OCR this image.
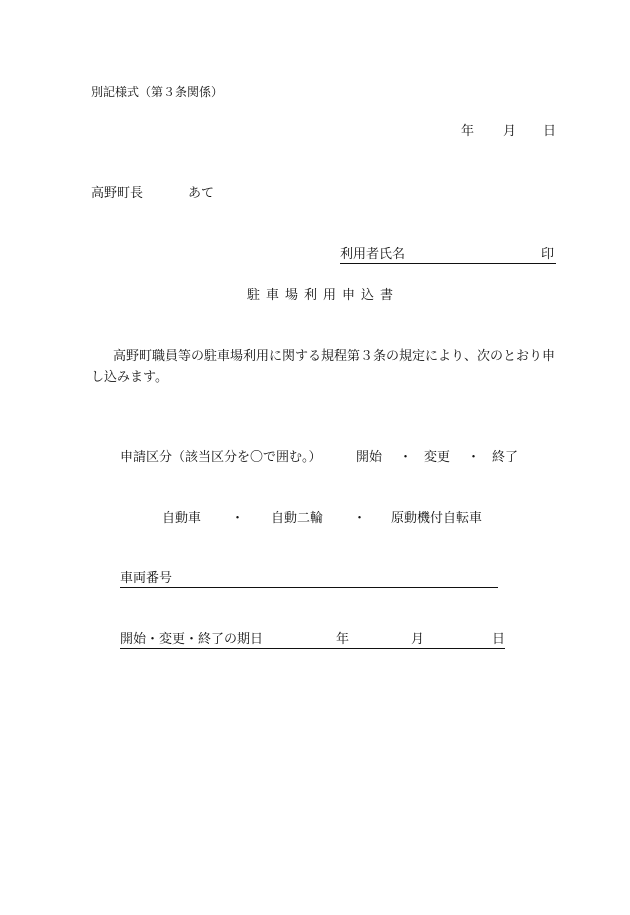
別記様式（第３条関係）
年 月 日
高野町長	あて
利用者氏名	印
駐車場利用申込書
高野町職員等の駐車場利用に関する規程第３条の規定により、次のとおり申し込みます。
申請区分（該当区分を〇で囲む。）	開始 ・ 変更 ・ 終了
自動車 ・ 自動二輪 ・ 原動機付自転車
車両番号
開始・変更・終了の期日	年	月	日
